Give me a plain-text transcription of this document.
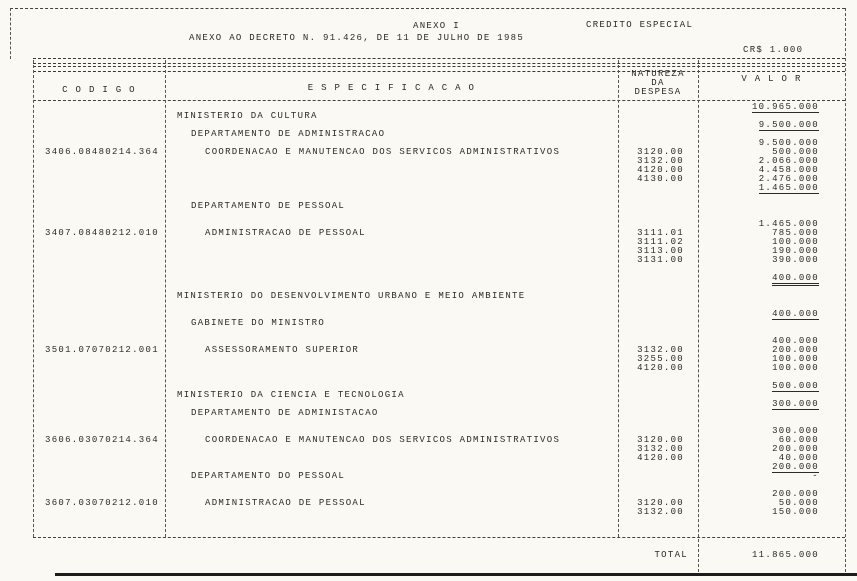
ANEXO I	CREDITO ESPECIAL
ANEXO AO DECRETO N. 91.426, DE 11 DE JULHO DE 1985
CR$ 1.000
C O D I G O	E S P E C I F I C A C A O
NATUREZA
DA
DESPESA
V A L O R
10.965.000
MINISTERIO DA CULTURA
9.500.000
DEPARTAMENTO DE ADMINISTRACAO
9.500.000
3406.08480214.364	COORDENACAO E MANUTENCAO DOS SERVICOS ADMINISTRATIVOS	3120.00	500.000
3132.00	2.066.000
4120.00	4.458.000
4130.00	2.476.000
1.465.000
DEPARTAMENTO DE PESSOAL
1.465.000
3407.08480212.010	ADMINISTRACAO DE PESSOAL	3111.01	785.000
3111.02	100.000
3113.00	190.000
3131.00	390.000
400.000
MINISTERIO DO DESENVOLVIMENTO URBANO E MEIO AMBIENTE
400.000
GABINETE DO MINISTRO
400.000
3501.07070212.001	ASSESSORAMENTO SUPERIOR	3132.00	200.000
3255.00	100.000
4120.00	100.000
500.000
MINISTERIO DA CIENCIA E TECNOLOGIA
300.000
DEPARTAMENTO DE ADMINISTACAO
300.000
3606.03070214.364	COORDENACAO E MANUTENCAO DOS SERVICOS ADMINISTRATIVOS	3120.00	60.000
3132.00	200.000
4120.00	40.000
200.000
DEPARTAMENTO DO PESSOAL	-
200.000
3607.03070212.010	ADMINISTRACAO DE PESSOAL	3120.00	50.000
3132.00	150.000
TOTAL	11.865.000
